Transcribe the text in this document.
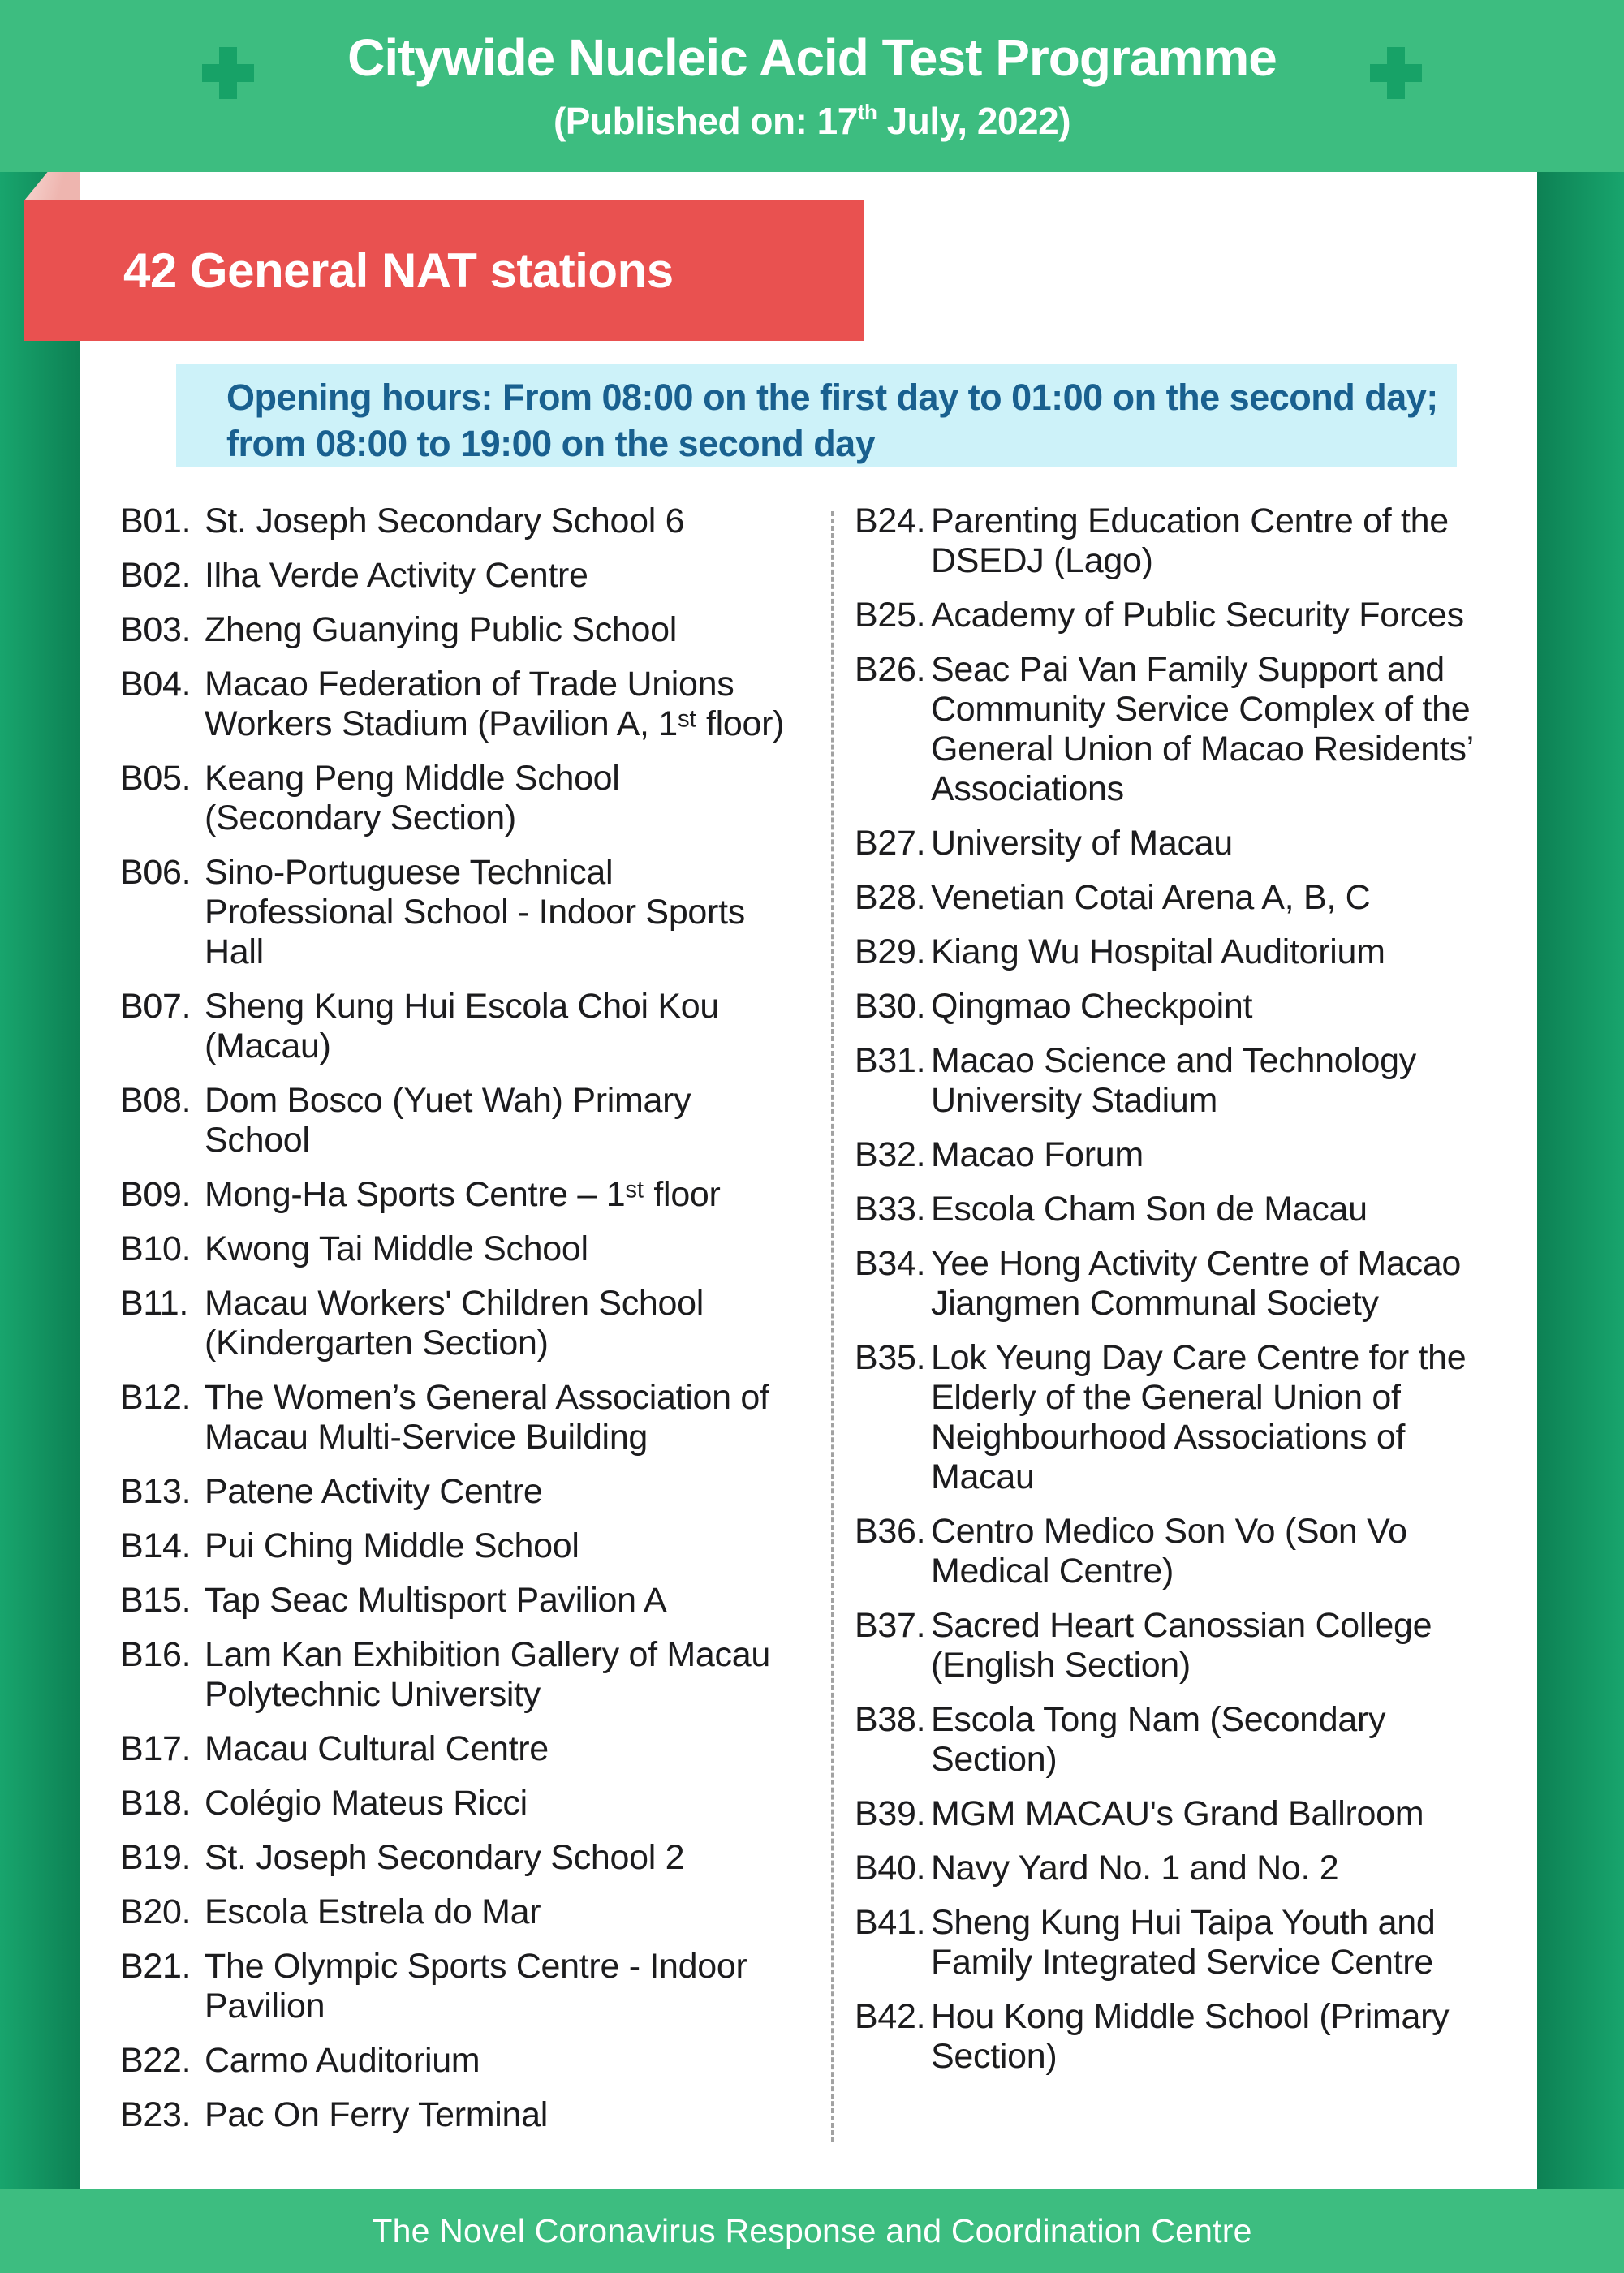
Citywide Nucleic Acid Test Programme
(Published on: 17th July, 2022)
42 General NAT stations
Opening hours: From 08:00 on the first day to 01:00 on the second day;
from 08:00 to 19:00 on the second day
B01. St. Joseph Secondary School 6
B02. Ilha Verde Activity Centre
B03. Zheng Guanying Public School
B04. Macao Federation of Trade Unions Workers Stadium (Pavilion A, 1ˢᵗ floor)
B05. Keang Peng Middle School (Secondary Section)
B06. Sino-Portuguese Technical Professional School - Indoor Sports Hall
B07. Sheng Kung Hui Escola Choi Kou (Macau)
B08. Dom Bosco (Yuet Wah) Primary School
B09. Mong-Ha Sports Centre – 1ˢᵗ floor
B10. Kwong Tai Middle School
B11. Macau Workers' Children School (Kindergarten Section)
B12. The Women’s General Association of Macau Multi-Service Building
B13. Patene Activity Centre
B14. Pui Ching Middle School
B15. Tap Seac Multisport Pavilion A
B16. Lam Kan Exhibition Gallery of Macau Polytechnic University
B17. Macau Cultural Centre
B18. Colégio Mateus Ricci
B19. St. Joseph Secondary School 2
B20. Escola Estrela do Mar
B21. The Olympic Sports Centre - Indoor Pavilion
B22. Carmo Auditorium
B23. Pac On Ferry Terminal
B24. Parenting Education Centre of the DSEDJ (Lago)
B25. Academy of Public Security Forces
B26. Seac Pai Van Family Support and Community Service Complex of the General Union of Macao Residents’ Associations
B27. University of Macau
B28. Venetian Cotai Arena A, B, C
B29. Kiang Wu Hospital Auditorium
B30. Qingmao Checkpoint
B31. Macao Science and Technology University Stadium
B32. Macao Forum
B33. Escola Cham Son de Macau
B34. Yee Hong Activity Centre of Macao Jiangmen Communal Society
B35. Lok Yeung Day Care Centre for the Elderly of the General Union of Neighbourhood Associations of Macau
B36. Centro Medico Son Vo (Son Vo Medical Centre)
B37. Sacred Heart Canossian College (English Section)
B38. Escola Tong Nam (Secondary Section)
B39. MGM MACAU's Grand Ballroom
B40. Navy Yard No. 1 and No. 2
B41. Sheng Kung Hui Taipa Youth and Family Integrated Service Centre
B42. Hou Kong Middle School (Primary Section)
The Novel Coronavirus Response and Coordination Centre
